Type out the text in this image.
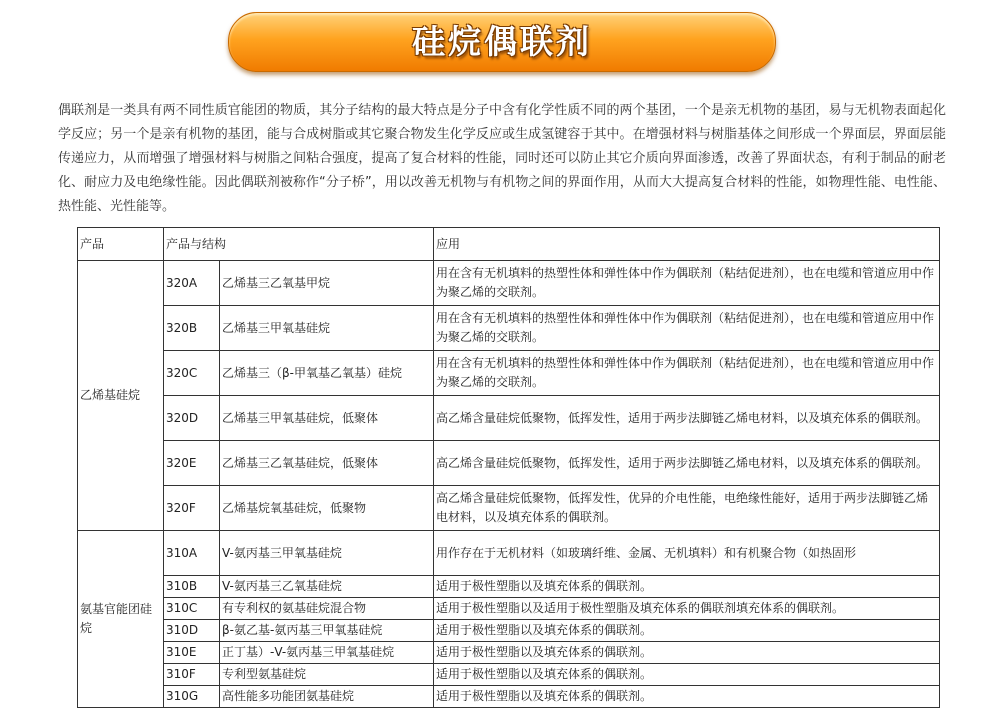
硅烷偶联剂

偶联剂是一类具有两不同性质官能团的物质，其分子结构的最大特点是分子中含有化学性质不同的两个基团，一个是亲无机物的基团，易与无机物表面起化学反应；另一个是亲有机物的基团，能与合成树脂或其它聚合物发生化学反应或生成氢键容于其中。在增强材料与树脂基体之间形成一个界面层，界面层能传递应力，从而增强了增强材料与树脂之间粘合强度，提高了复合材料的性能，同时还可以防止其它介质向界面渗透，改善了界面状态，有利于制品的耐老化、耐应力及电绝缘性能。因此偶联剂被称作“分子桥”，用以改善无机物与有机物之间的界面作用，从而大大提高复合材料的性能，如物理性能、电性能、热性能、光性能等。

产品	产品与结构		应用
乙烯基硅烷	320A	乙烯基三乙氧基甲烷	用在含有无机填料的热塑性体和弹性体中作为偶联剂（粘结促进剂），也在电缆和管道应用中作为聚乙烯的交联剂。
	320B	乙烯基三甲氧基硅烷	用在含有无机填料的热塑性体和弹性体中作为偶联剂（粘结促进剂），也在电缆和管道应用中作为聚乙烯的交联剂。
	320C	乙烯基三（β-甲氧基乙氧基）硅烷	用在含有无机填料的热塑性体和弹性体中作为偶联剂（粘结促进剂），也在电缆和管道应用中作为聚乙烯的交联剂。
	320D	乙烯基三甲氧基硅烷，低聚体	高乙烯含量硅烷低聚物，低挥发性，适用于两步法脚链乙烯电材料，以及填充体系的偶联剂。
	320E	乙烯基三乙氧基硅烷，低聚体	高乙烯含量硅烷低聚物，低挥发性，适用于两步法脚链乙烯电材料，以及填充体系的偶联剂。
	320F	乙烯基烷氧基硅烷，低聚物	高乙烯含量硅烷低聚物，低挥发性，优异的介电性能，电绝缘性能好，适用于两步法脚链乙烯电材料，以及填充体系的偶联剂。
氨基官能团硅烷	310A	V-氨丙基三甲氧基硅烷	用作存在于无机材料（如玻璃纤维、金属、无机填料）和有机聚合物（如热固形
	310B	V-氨丙基三乙氧基硅烷	适用于极性塑脂以及填充体系的偶联剂。
	310C	有专利权的氨基硅烷混合物	适用于极性塑脂以及适用于极性塑脂及填充体系的偶联剂填充体系的偶联剂。
	310D	β-氨乙基-氨丙基三甲氧基硅烷	适用于极性塑脂以及填充体系的偶联剂。
	310E	正丁基）-V-氨丙基三甲氧基硅烷	适用于极性塑脂以及填充体系的偶联剂。
	310F	专利型氨基硅烷	适用于极性塑脂以及填充体系的偶联剂。
	310G	高性能多功能团氨基硅烷	适用于极性塑脂以及填充体系的偶联剂。
